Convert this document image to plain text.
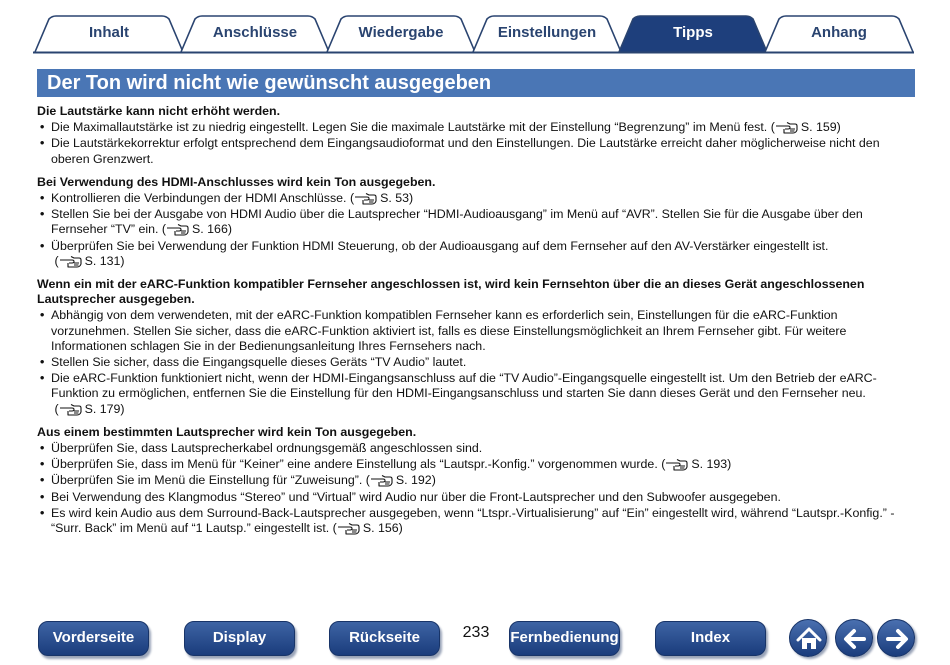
Inhalt	Anschlüsse	Wiedergabe	Einstellungen	Tipps	Anhang
Der Ton wird nicht wie gewünscht ausgegeben
Die Lautstärke kann nicht erhöht werden.
• Die Maximallautstärke ist zu niedrig eingestellt. Legen Sie die maximale Lautstärke mit der Einstellung “Begrenzung” im Menü fest. ( S. 159)
• Die Lautstärkekorrektur erfolgt entsprechend dem Eingangsaudioformat und den Einstellungen. Die Lautstärke erreicht daher möglicherweise nicht den oberen Grenzwert.
Bei Verwendung des HDMI-Anschlusses wird kein Ton ausgegeben.
• Kontrollieren die Verbindungen der HDMI Anschlüsse. ( S. 53)
• Stellen Sie bei der Ausgabe von HDMI Audio über die Lautsprecher “HDMI-Audioausgang” im Menü auf “AVR”. Stellen Sie für die Ausgabe über den Fernseher “TV” ein. ( S. 166)
• Überprüfen Sie bei Verwendung der Funktion HDMI Steuerung, ob der Audioausgang auf dem Fernseher auf den AV-Verstärker eingestellt ist.
( S. 131)
Wenn ein mit der eARC-Funktion kompatibler Fernseher angeschlossen ist, wird kein Fernsehton über die an dieses Gerät angeschlossenen Lautsprecher ausgegeben.
• Abhängig von dem verwendeten, mit der eARC-Funktion kompatiblen Fernseher kann es erforderlich sein, Einstellungen für die eARC-Funktion vorzunehmen. Stellen Sie sicher, dass die eARC-Funktion aktiviert ist, falls es diese Einstellungsmöglichkeit an Ihrem Fernseher gibt. Für weitere Informationen schlagen Sie in der Bedienungsanleitung Ihres Fernsehers nach.
• Stellen Sie sicher, dass die Eingangsquelle dieses Geräts “TV Audio” lautet.
• Die eARC-Funktion funktioniert nicht, wenn der HDMI-Eingangsanschluss auf die “TV Audio”-Eingangsquelle eingestellt ist. Um den Betrieb der eARC-Funktion zu ermöglichen, entfernen Sie die Einstellung für den HDMI-Eingangsanschluss und starten Sie dann dieses Gerät und den Fernseher neu.
( S. 179)
Aus einem bestimmten Lautsprecher wird kein Ton ausgegeben.
• Überprüfen Sie, dass Lautsprecherkabel ordnungsgemäß angeschlossen sind.
• Überprüfen Sie, dass im Menü für “Keiner” eine andere Einstellung als “Lautspr.-Konfig.” vorgenommen wurde. ( S. 193)
• Überprüfen Sie im Menü die Einstellung für “Zuweisung”. ( S. 192)
• Bei Verwendung des Klangmodus “Stereo” und “Virtual” wird Audio nur über die Front-Lautsprecher und den Subwoofer ausgegeben.
• Es wird kein Audio aus dem Surround-Back-Lautsprecher ausgegeben, wenn “Ltspr.-Virtualisierung” auf “Ein” eingestellt wird, während “Lautspr.-Konfig.” - “Surr. Back” im Menü auf “1 Lautsp.” eingestellt ist. ( S. 156)
Vorderseite	Display	Rückseite	233	Fernbedienung	Index
